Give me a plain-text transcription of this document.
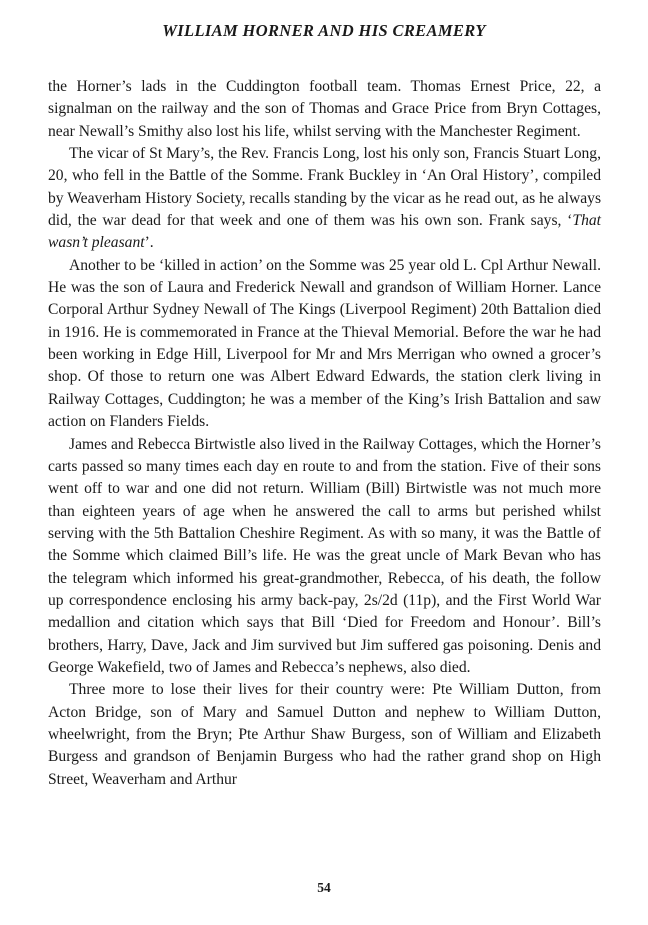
WILLIAM HORNER AND HIS CREAMERY

the Horner’s lads in the Cuddington football team. Thomas Ernest Price, 22, a signalman on the railway and the son of Thomas and Grace Price from Bryn Cottages, near Newall’s Smithy also lost his life, whilst serving with the Manchester Regiment.

The vicar of St Mary’s, the Rev. Francis Long, lost his only son, Francis Stuart Long, 20, who fell in the Battle of the Somme. Frank Buckley in ‘An Oral History’, compiled by Weaverham History Society, recalls standing by the vicar as he read out, as he always did, the war dead for that week and one of them was his own son. Frank says, ‘That wasn’t pleasant’.

Another to be ‘killed in action’ on the Somme was 25 year old L. Cpl Arthur Newall. He was the son of Laura and Frederick Newall and grandson of William Horner. Lance Corporal Arthur Sydney Newall of The Kings (Liverpool Regiment) 20th Battalion died in 1916. He is commemorated in France at the Thieval Memorial. Before the war he had been working in Edge Hill, Liverpool for Mr and Mrs Merrigan who owned a grocer’s shop. Of those to return one was Albert Edward Edwards, the station clerk living in Railway Cottages, Cuddington; he was a member of the King’s Irish Battalion and saw action on Flanders Fields.

James and Rebecca Birtwistle also lived in the Railway Cottages, which the Horner’s carts passed so many times each day en route to and from the station. Five of their sons went off to war and one did not return. William (Bill) Birtwistle was not much more than eighteen years of age when he answered the call to arms but perished whilst serving with the 5th Battalion Cheshire Regiment. As with so many, it was the Battle of the Somme which claimed Bill’s life. He was the great uncle of Mark Bevan who has the telegram which informed his great-grandmother, Rebecca, of his death, the follow up correspondence enclosing his army back-pay, 2s/2d (11p), and the First World War medallion and citation which says that Bill ‘Died for Freedom and Honour’. Bill’s brothers, Harry, Dave, Jack and Jim survived but Jim suffered gas poisoning. Denis and George Wakefield, two of James and Rebecca’s nephews, also died.

Three more to lose their lives for their country were: Pte William Dutton, from Acton Bridge, son of Mary and Samuel Dutton and nephew to William Dutton, wheelwright, from the Bryn; Pte Arthur Shaw Burgess, son of William and Elizabeth Burgess and grandson of Benjamin Burgess who had the rather grand shop on High Street, Weaverham and Arthur

54
